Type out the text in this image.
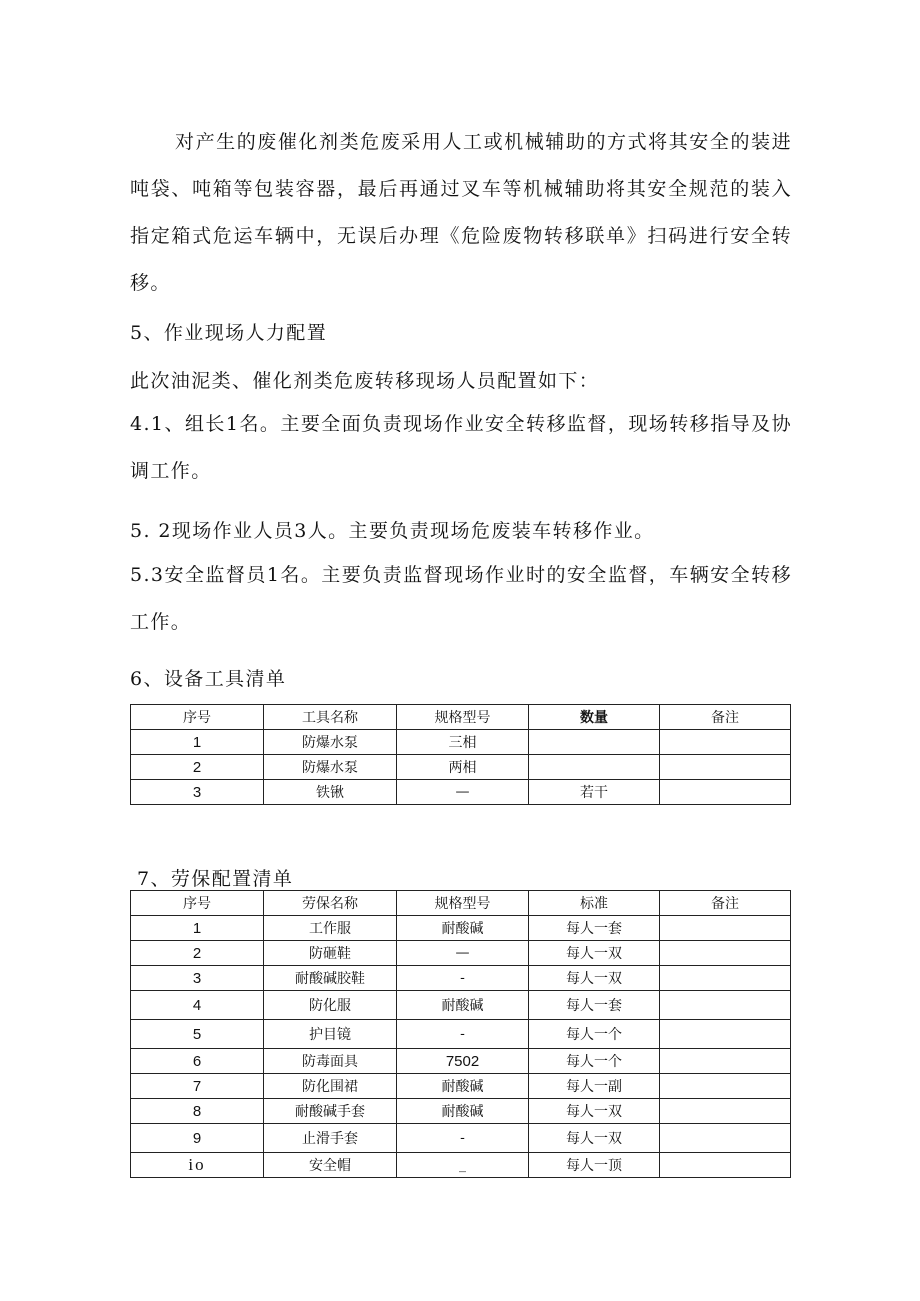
对产生的废催化剂类危废采用人工或机械辅助的方式将其安全的装进吨袋、吨箱等包装容器，最后再通过叉车等机械辅助将其安全规范的装入指定箱式危运车辆中，无误后办理《危险废物转移联单》扫码进行安全转移。

5、作业现场人力配置

此次油泥类、催化剂类危废转移现场人员配置如下：

4.1、组长1名。主要全面负责现场作业安全转移监督，现场转移指导及协调工作。

5. 2现场作业人员3人。主要负责现场危废装车转移作业。

5.3安全监督员1名。主要负责监督现场作业时的安全监督，车辆安全转移工作。

6、设备工具清单

序号	工具名称	规格型号	数量	备注
1	防爆水泵	三相		
2	防爆水泵	两相		
3	铁锹	—	若干	

7、劳保配置清单

序号	劳保名称	规格型号	标准	备注
1	工作服	耐酸碱	每人一套	
2	防砸鞋	—	每人一双	
3	耐酸碱胶鞋	-	每人一双	
4	防化服	耐酸碱	每人一套	
5	护目镜	-	每人一个	
6	防毒面具	7502	每人一个	
7	防化围裙	耐酸碱	每人一副	
8	耐酸碱手套	耐酸碱	每人一双	
9	止滑手套	-	每人一双	
io	安全帽	_	每人一顶	
